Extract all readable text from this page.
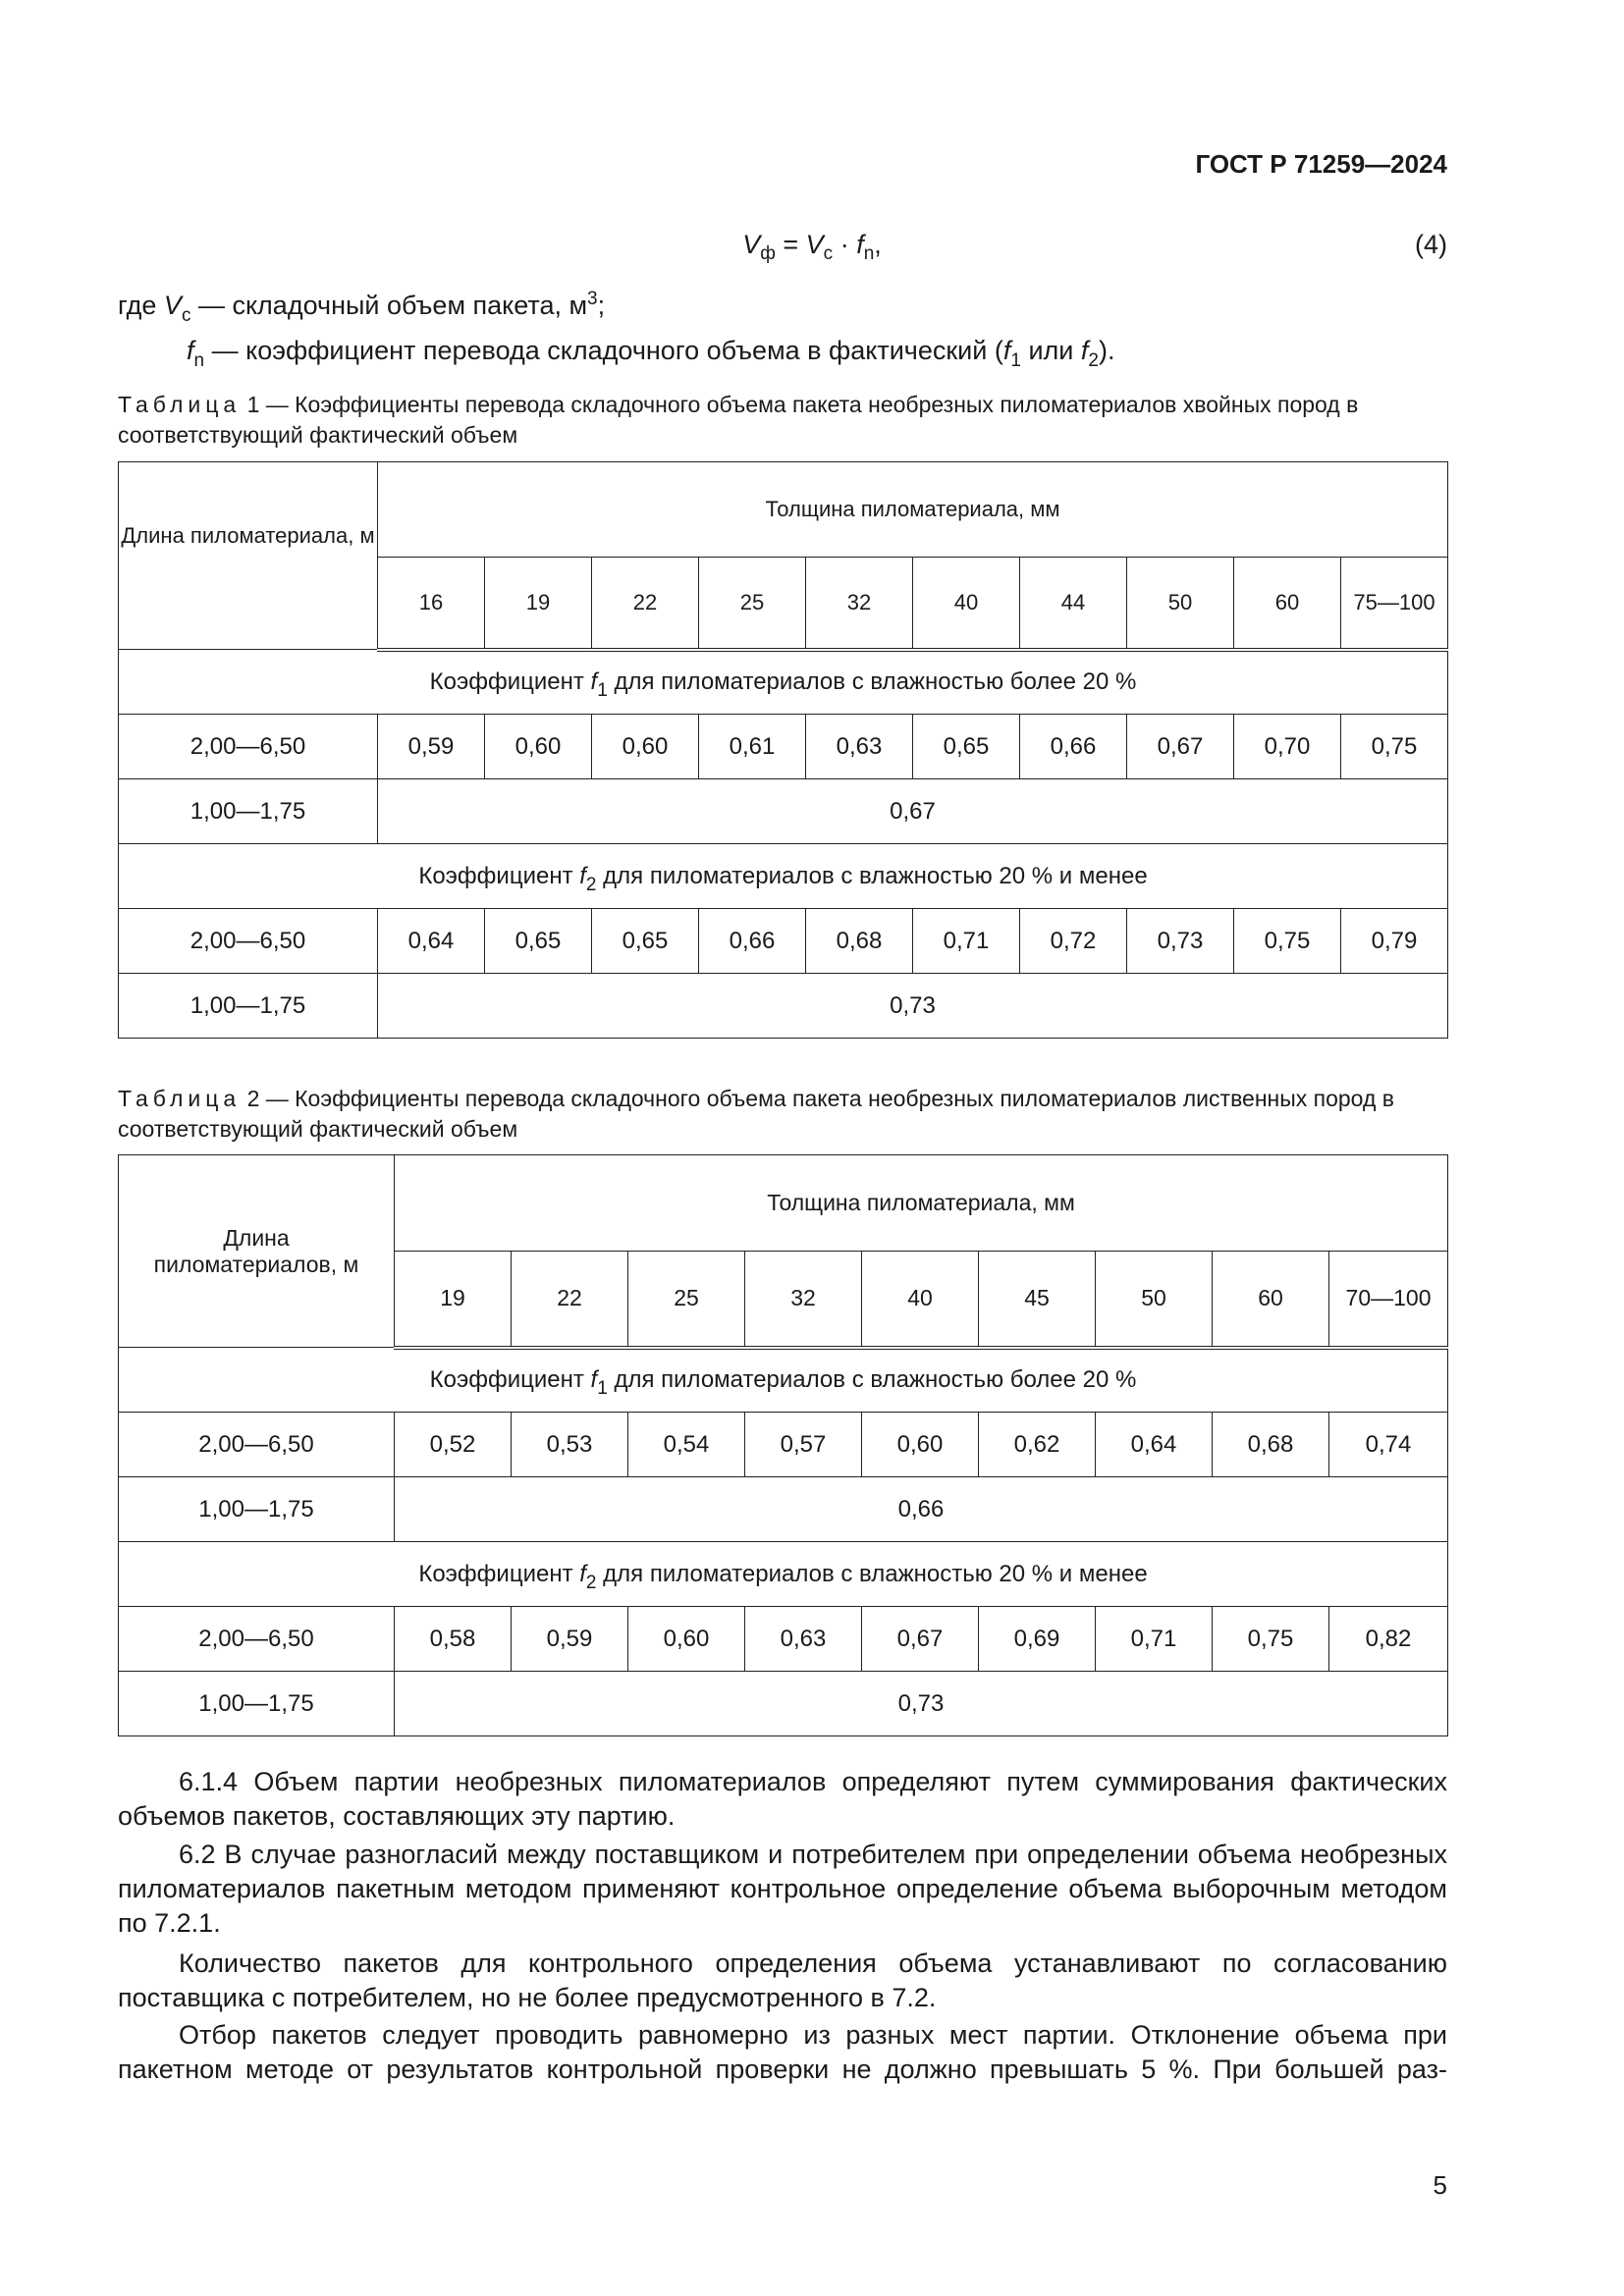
ГОСТ Р 71259—2024
$V_ф = V_с \cdot f_n$,	(4)
где $V_с$ — складочный объем пакета, $м^3$;
$f_n$ — коэффициент перевода складочного объема в фактический ($f_1$ или $f_2$).
Таблица 1 — Коэффициенты перевода складочного объема пакета необрезных пиломатериалов хвойных пород в соответствующий фактический объем
Длина пиломатериала, м	Толщина пиломатериала, мм									
	16	19	22	25	32	40	44	50	60	75—100
Коэффициент $f_1$ для пиломатериалов с влажностью более 20 %										
2,00—6,50	0,59	0,60	0,60	0,61	0,63	0,65	0,66	0,67	0,70	0,75
1,00—1,75	0,67									
Коэффициент $f_2$ для пиломатериалов с влажностью 20 % и менее										
2,00—6,50	0,64	0,65	0,65	0,66	0,68	0,71	0,72	0,73	0,75	0,79
1,00—1,75	0,73									
Таблица 2 — Коэффициенты перевода складочного объема пакета необрезных пиломатериалов лиственных пород в соответствующий фактический объем
Длина пиломатериалов, м	Толщина пиломатериала, мм								
	19	22	25	32	40	45	50	60	70—100
Коэффициент $f_1$ для пиломатериалов с влажностью более 20 %									
2,00—6,50	0,52	0,53	0,54	0,57	0,60	0,62	0,64	0,68	0,74
1,00—1,75	0,66								
Коэффициент $f_2$ для пиломатериалов с влажностью 20 % и менее									
2,00—6,50	0,58	0,59	0,60	0,63	0,67	0,69	0,71	0,75	0,82
1,00—1,75	0,73								
6.1.4 Объем партии необрезных пиломатериалов определяют путем суммирования фактических объемов пакетов, составляющих эту партию.
6.2 В случае разногласий между поставщиком и потребителем при определении объема необрезных пиломатериалов пакетным методом применяют контрольное определение объема выборочным методом по 7.2.1.
Количество пакетов для контрольного определения объема устанавливают по согласованию поставщика с потребителем, но не более предусмотренного в 7.2.
Отбор пакетов следует проводить равномерно из разных мест партии. Отклонение объема при пакетном методе от результатов контрольной проверки не должно превышать 5 %. При большей раз-
5
